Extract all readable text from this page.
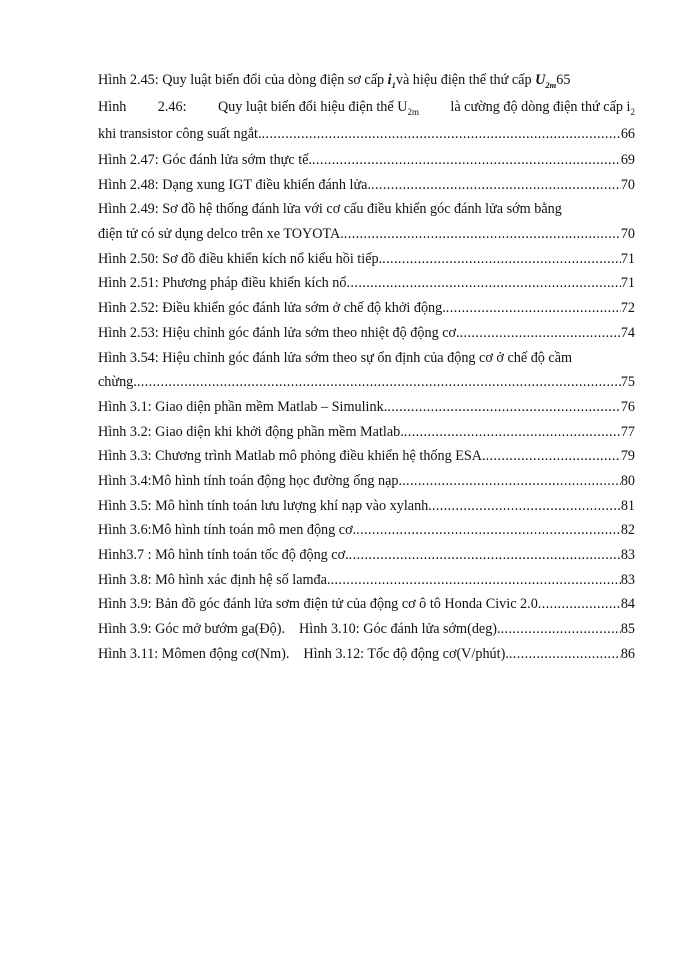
Hình 2.45: Quy luật biến đổi của dòng điện sơ cấp $i_1và$ hiệu điện thế thứ cấp $U_{2m}$ 65
Hình 2.46: Quy luật biến đổi hiệu điện thế $U_{2m}$ là cường độ dòng điện thứ cấp $i_2$
khi transistor công suất ngắt. .....	66
Hình 2.47: Góc đánh lửa sớm thực tế. .....	69
Hình 2.48: Dạng xung IGT điều khiển đánh lửa. .....	70
Hình 2.49: Sơ đồ hệ thống đánh lửa với cơ cấu điều khiển góc đánh lửa sớm bằng
điện tử có sử dụng delco trên xe TOYOTA. .....	70
Hình 2.50: Sơ đồ điều khiển kích nổ kiểu hồi tiếp. .....	71
Hình 2.51: Phương pháp điều khiển kích nổ .....	71
Hình 2.52: Điều khiển góc đánh lửa sớm ở chế độ khởi động. .....	72
Hình 2.53: Hiệu chỉnh góc đánh lửa sớm theo nhiệt độ động cơ. .....	74
Hình 3.54: Hiệu chỉnh góc đánh lửa sớm theo sự ổn định của động cơ ở chế độ cầm
chừng. .....	75
Hình 3.1: Giao diện phần mềm Matlab – Simulink. .....	76
Hình 3.2: Giao diện khi khởi động phần mềm Matlab. .....	77
Hình 3.3: Chương trình Matlab mô phỏng điều khiển hệ thống ESA. .....	79
Hình 3.4:Mô hình tính toán động học đường ống nạp. .....	80
Hình 3.5: Mô hình tính toán lưu lượng khí nạp vào xylanh. .....	81
Hình 3.6:Mô hình tính toán mô men động cơ. .....	82
Hình3.7 : Mô hình tính toán tốc độ động cơ. .....	83
Hình 3.8: Mô hình xác định hệ số lamđa. .....	83
Hình 3.9: Bản đồ góc đánh lửa sơm điện tử của động cơ ô tô Honda Civic 2.0 .....	84
Hình 3.9: Góc mở bướm ga(Độ). Hình 3.10: Góc đánh lửa sớm(deg). .....	85
Hình 3.11: Mômen động cơ(Nm). Hình 3.12: Tốc độ động cơ(V/phút). .....	86
